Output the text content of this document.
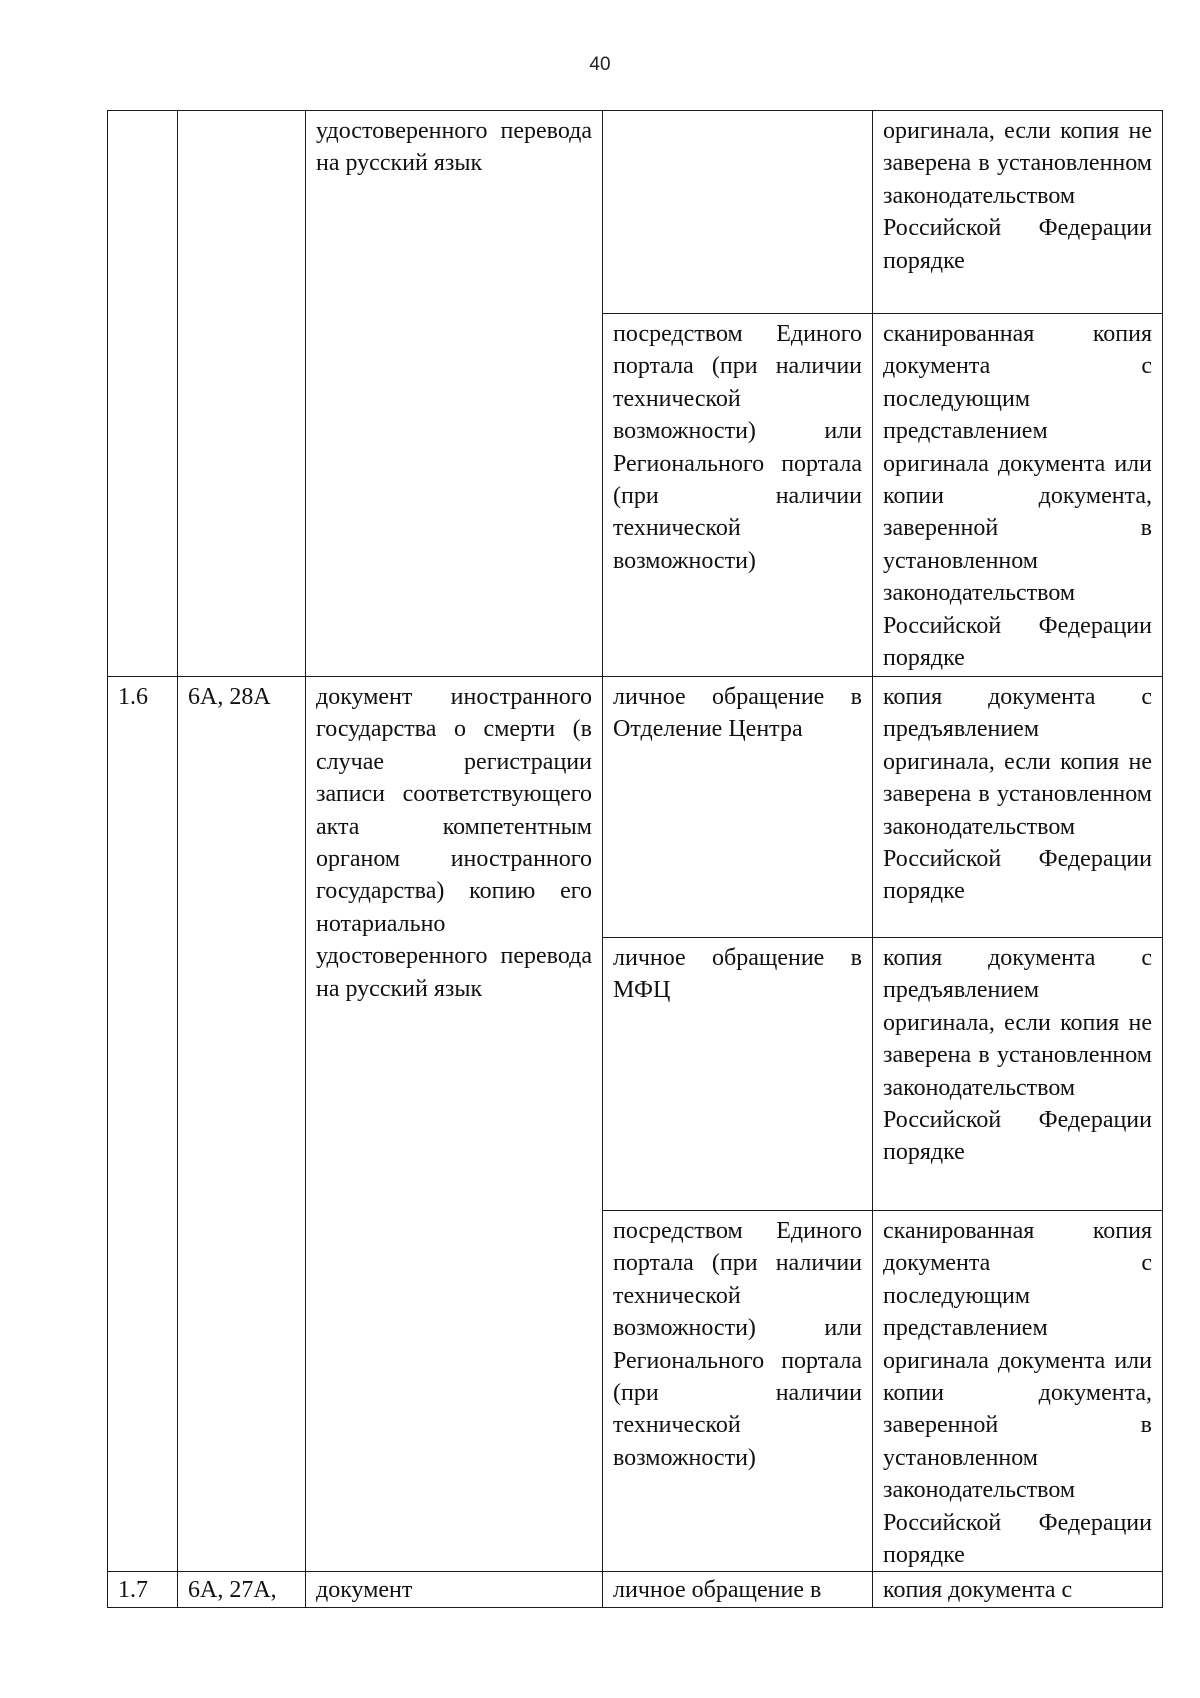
40

		удостоверенного перевода на русский язык		оригинала, если копия не заверена в установленном законодательством Российской Федерации порядке

			посредством Единого портала (при наличии технической возможности) или Регионального портала (при наличии технической возможности)	сканированная копия документа с последующим представлением оригинала документа или копии документа, заверенной в установленном законодательством Российской Федерации порядке

1.6	6А, 28А	документ иностранного государства о смерти (в случае регистрации записи соответствующего акта компетентным органом иностранного государства) копию его нотариально удостоверенного перевода на русский язык	личное обращение в Отделение Центра	копия документа с предъявлением оригинала, если копия не заверена в установленном законодательством Российской Федерации порядке

			личное обращение в МФЦ	копия документа с предъявлением оригинала, если копия не заверена в установленном законодательством Российской Федерации порядке

			посредством Единого портала (при наличии технической возможности) или Регионального портала (при наличии технической возможности)	сканированная копия документа с последующим представлением оригинала документа или копии документа, заверенной в установленном законодательством Российской Федерации порядке

1.7	6А, 27А,	документ	личное обращение в	копия документа с
